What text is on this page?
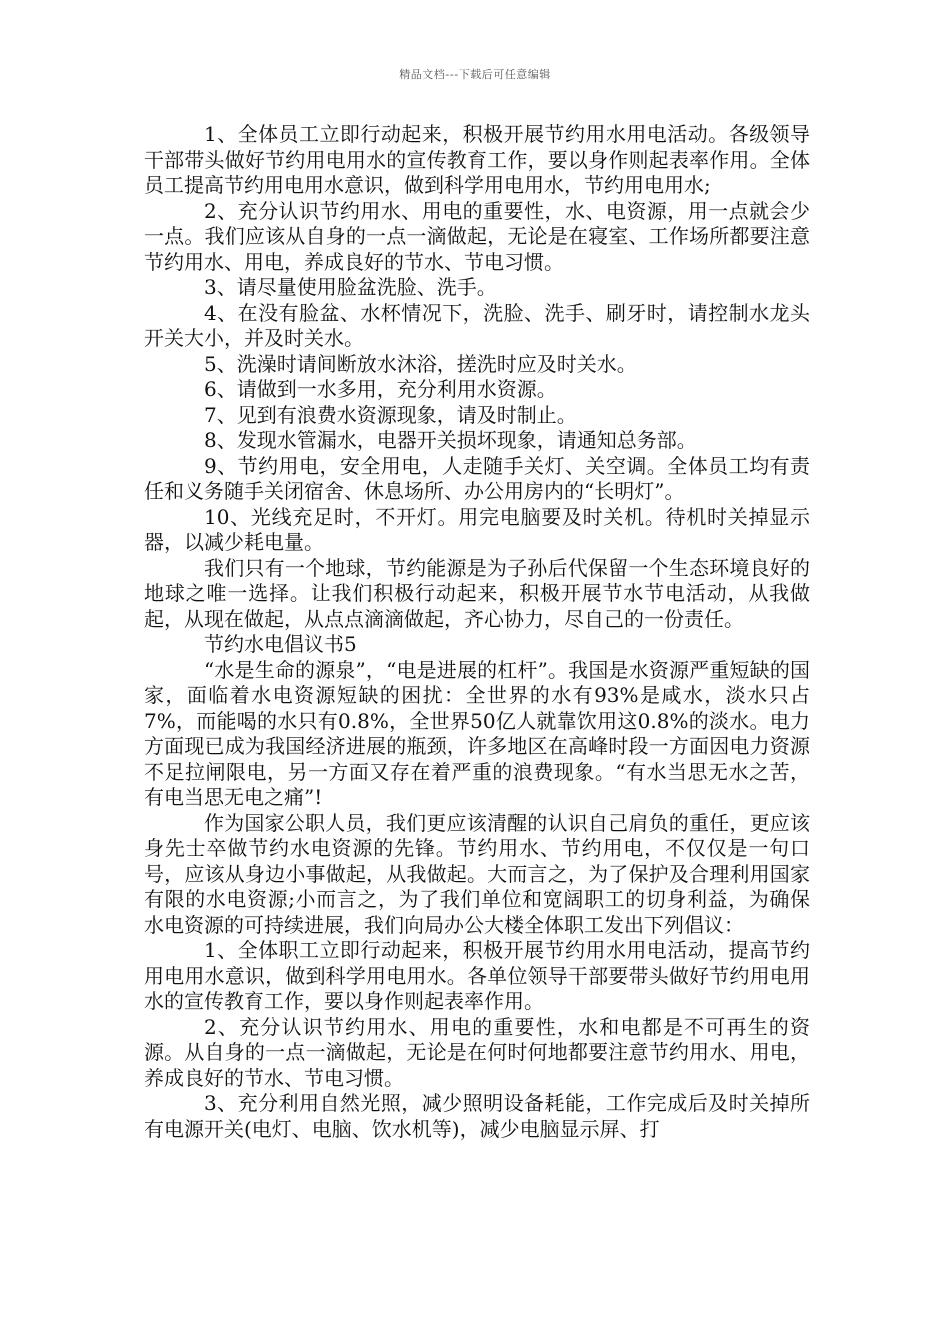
精品文档---下载后可任意编辑

1、全体员工立即行动起来，积极开展节约用水用电活动。各级领导干部带头做好节约用电用水的宣传教育工作，要以身作则起表率作用。全体员工提高节约用电用水意识，做到科学用电用水，节约用电用水;

2、充分认识节约用水、用电的重要性，水、电资源，用一点就会少一点。我们应该从自身的一点一滴做起，无论是在寝室、工作场所都要注意节约用水、用电，养成良好的节水、节电习惯。

3、请尽量使用脸盆洗脸、洗手。

4、在没有脸盆、水杯情况下，洗脸、洗手、刷牙时，请控制水龙头开关大小，并及时关水。

5、洗澡时请间断放水沐浴，搓洗时应及时关水。

6、请做到一水多用，充分利用水资源。

7、见到有浪费水资源现象，请及时制止。

8、发现水管漏水，电器开关损坏现象，请通知总务部。

9、节约用电，安全用电，人走随手关灯、关空调。全体员工均有责任和义务随手关闭宿舍、休息场所、办公用房内的“长明灯”。

10、光线充足时，不开灯。用完电脑要及时关机。待机时关掉显示器，以减少耗电量。

我们只有一个地球，节约能源是为子孙后代保留一个生态环境良好的地球之唯一选择。让我们积极行动起来，积极开展节水节电活动，从我做起，从现在做起，从点点滴滴做起，齐心协力，尽自己的一份责任。

节约水电倡议书5

“水是生命的源泉”，“电是进展的杠杆”。我国是水资源严重短缺的国家，面临着水电资源短缺的困扰：全世界的水有93%是咸水，淡水只占7%，而能喝的水只有0.8%，全世界50亿人就靠饮用这0.8%的淡水。电力方面现已成为我国经济进展的瓶颈，许多地区在高峰时段一方面因电力资源不足拉闸限电，另一方面又存在着严重的浪费现象。“有水当思无水之苦，有电当思无电之痛”!

作为国家公职人员，我们更应该清醒的认识自己肩负的重任，更应该身先士卒做节约水电资源的先锋。节约用水、节约用电，不仅仅是一句口号，应该从身边小事做起，从我做起。大而言之，为了保护及合理利用国家有限的水电资源;小而言之，为了我们单位和宽阔职工的切身利益，为确保水电资源的可持续进展，我们向局办公大楼全体职工发出下列倡议：

1、全体职工立即行动起来，积极开展节约用水用电活动，提高节约用电用水意识，做到科学用电用水。各单位领导干部要带头做好节约用电用水的宣传教育工作，要以身作则起表率作用。

2、充分认识节约用水、用电的重要性，水和电都是不可再生的资源。从自身的一点一滴做起，无论是在何时何地都要注意节约用水、用电，养成良好的节水、节电习惯。

3、充分利用自然光照，减少照明设备耗能，工作完成后及时关掉所有电源开关(电灯、电脑、饮水机等)，减少电脑显示屏、打
